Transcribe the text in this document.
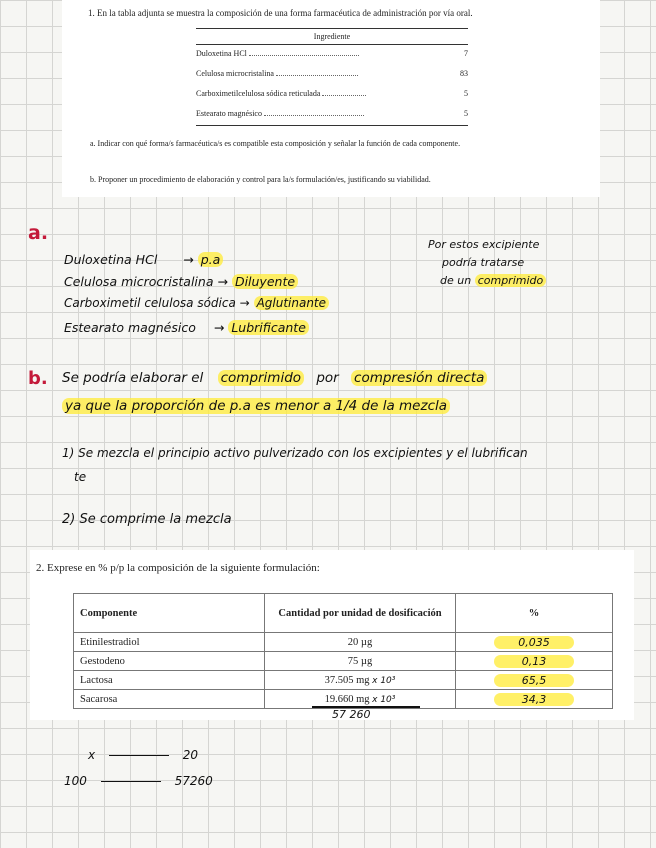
1. En la tabla adjunta se muestra la composición de una forma farmacéutica de administración por vía oral.
Ingrediente	
Duloxetina HCl	7
Celulosa microcristalina	83
Carboximetilcelulosa sódica reticulada	5
Estearato magnésico	5
a. Indicar con qué forma/s farmacéutica/s es compatible esta composición y señalar la función de cada componente.
b. Proponer un procedimiento de elaboración y control para la/s formulación/es, justificando su viabilidad.
a.
Duloxetina HCl → p.a
Celulosa microcristalina → Diluyente
Carboximetil celulosa sódica → Aglutinante
Estearato magnésico → Lubrificante
Por estos excipiente
podría tratarse
de un comprimido
b. Se podría elaborar el comprimido por compresión directa
ya que la proporción de p.a es menor a 1/4 de la mezcla
1) Se mezcla el principio activo pulverizado con los excipientes y el lubrifican
te
2) Se comprime la mezcla
2. Exprese en % p/p la composición de la siguiente formulación:
Componente	Cantidad por unidad de dosificación	%
Etinilestradiol	20 µg	0,035
Gestodeno	75 µg	0,13
Lactosa	37.505 mg x 10³	65,5
Sacarosa	19.660 mg x 10³	34,3
57 260
x	20
100	57260
